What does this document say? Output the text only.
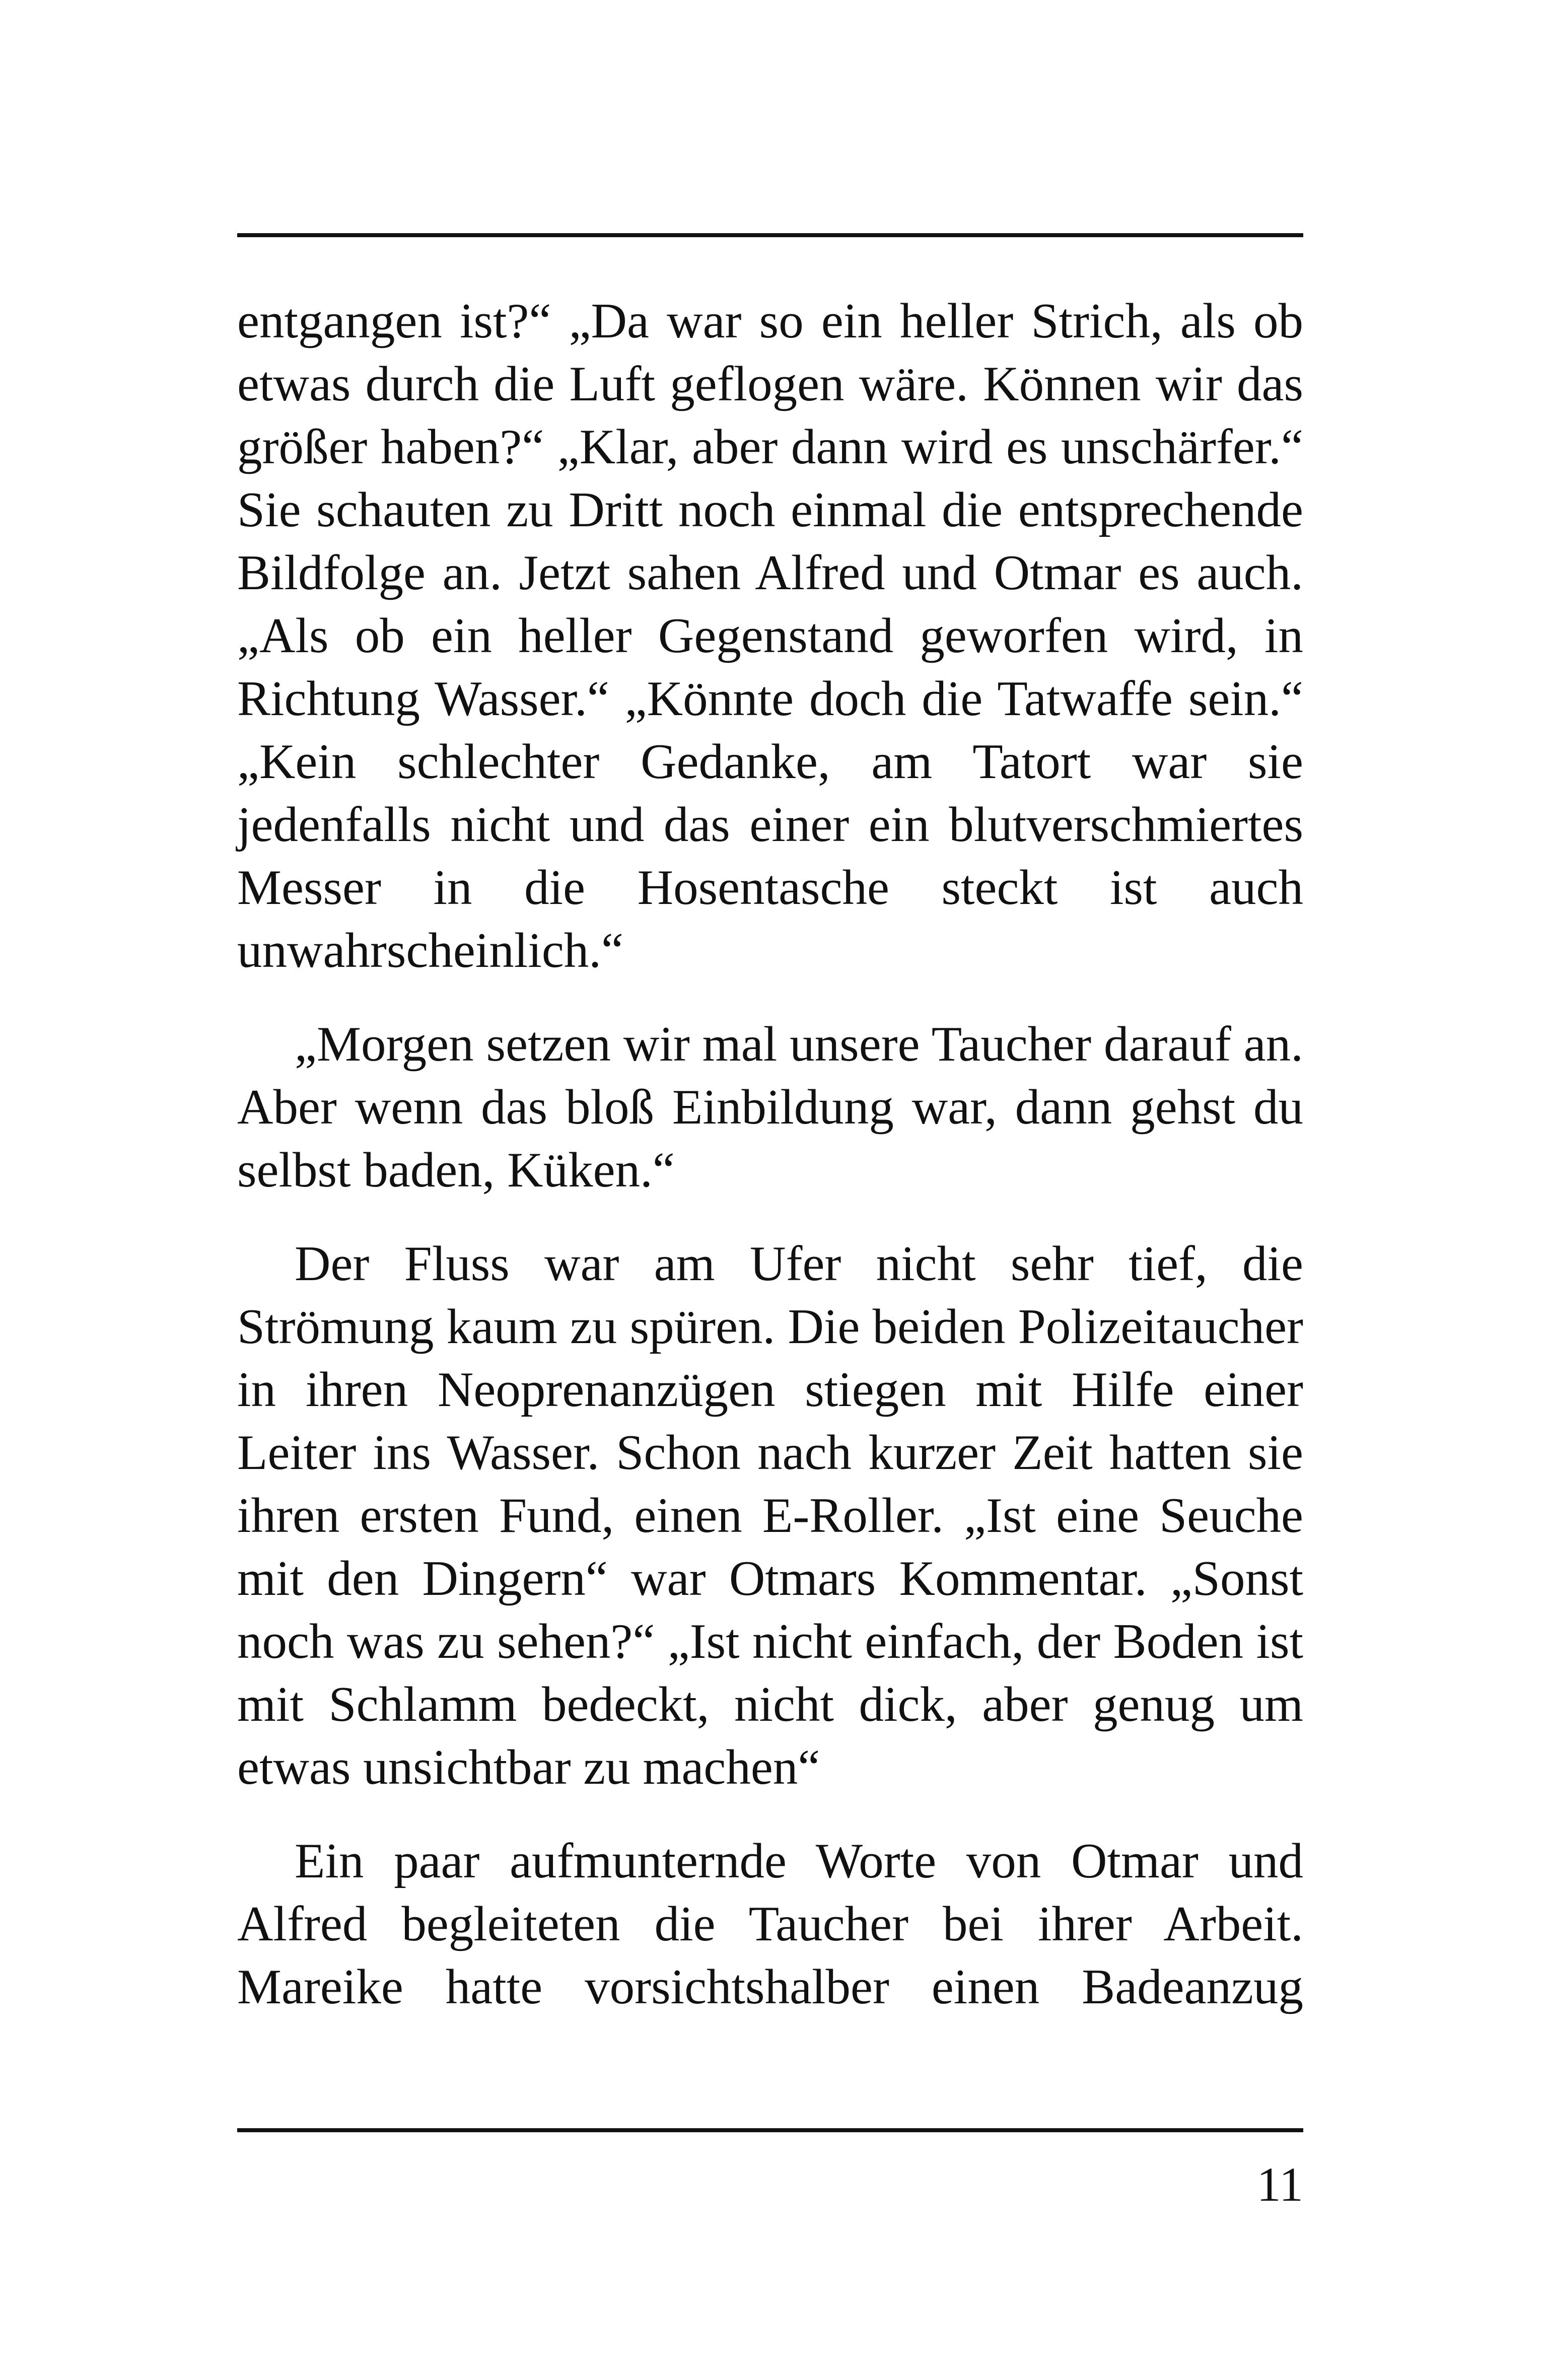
entgangen ist?“ „Da war so ein heller Strich, als ob etwas durch die Luft geflogen wäre. Können wir das größer haben?“ „Klar, aber dann wird es unschärfer.“ Sie schauten zu Dritt noch einmal die entsprechende Bildfolge an. Jetzt sahen Alfred und Otmar es auch. „Als ob ein heller Gegenstand geworfen wird, in Richtung Wasser.“ „Könnte doch die Tatwaffe sein.“ „Kein schlechter Gedanke, am Tatort war sie jedenfalls nicht und das einer ein blutverschmiertes Messer in die Hosentasche steckt ist auch unwahrscheinlich.“

„Morgen setzen wir mal unsere Taucher darauf an. Aber wenn das bloß Einbildung war, dann gehst du selbst baden, Küken.“

Der Fluss war am Ufer nicht sehr tief, die Strömung kaum zu spüren. Die beiden Polizeitaucher in ihren Neoprenanzügen stiegen mit Hilfe einer Leiter ins Wasser. Schon nach kurzer Zeit hatten sie ihren ersten Fund, einen E-Roller. „Ist eine Seuche mit den Dingern“ war Otmars Kommentar. „Sonst noch was zu sehen?“ „Ist nicht einfach, der Boden ist mit Schlamm bedeckt, nicht dick, aber genug um etwas unsichtbar zu machen“

Ein paar aufmunternde Worte von Otmar und Alfred begleiteten die Taucher bei ihrer Arbeit. Mareike hatte vorsichtshalber einen Badeanzug

11
